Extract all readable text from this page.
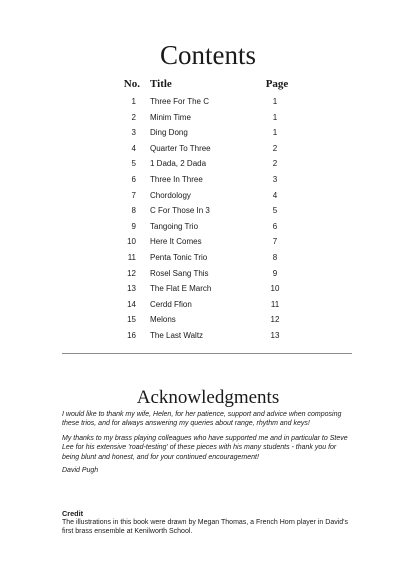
Contents
No. Title	Page
1 Three For The C	1
2 Minim Time	1
3 Ding Dong	1
4 Quarter To Three	2
5 1 Dada, 2 Dada	2
6 Three In Three	3
7 Chordology	4
8 C For Those In 3	5
9 Tangoing Trio	6
10 Here It Comes	7
11 Penta Tonic Trio	8
12 Rosel Sang This	9
13 The Flat E March	10
14 Cerdd Ffion	11
15 Melons	12
16 The Last Waltz	13
Acknowledgments
I would like to thank my wife, Helen, for her patience, support and advice when composing these trios, and for always answering my queries about range, rhythm and keys!
My thanks to my brass playing colleagues who have supported me and in particular to Steve Lee for his extensive 'road-testing' of these pieces with his many students - thank you for being blunt and honest, and for your continued encouragement!
David Pugh
Credit
The illustrations in this book were drawn by Megan Thomas, a French Horn player in David's first brass ensemble at Kenilworth School.
